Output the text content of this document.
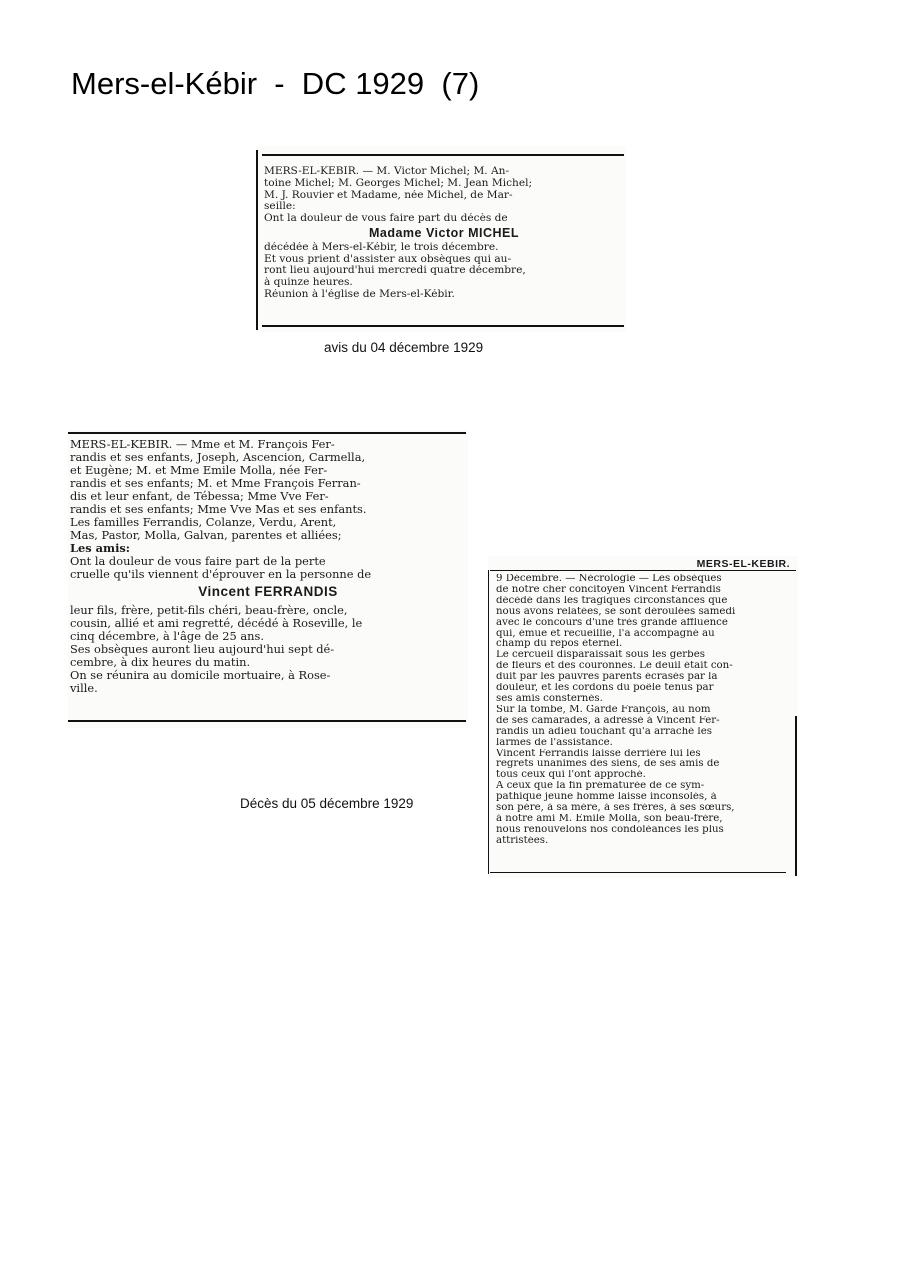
Mers-el-Kébir  -  DC 1929  (7)
MERS-EL-KEBIR. — M. Victor Michel; M. An-
toine Michel; M. Georges Michel; M. Jean Michel;
M. J. Rouvier et Madame, née Michel, de Mar-
seille:
Ont la douleur de vous faire part du décès de
Madame Victor MICHEL
décédée à Mers-el-Kébir, le trois décembre.
Et vous prient d'assister aux obsèques qui au-
ront lieu aujourd'hui mercredi quatre décembre,
à quinze heures.
Réunion à l'église de Mers-el-Kébir.
avis du 04 décembre 1929
MERS-EL-KEBIR. — Mme et M. François Fer-
randis et ses enfants, Joseph, Ascencion, Carmella,
et Eugène; M. et Mme Emile Molla, née Fer-
randis et ses enfants; M. et Mme François Ferran-
dis et leur enfant, de Tébessa; Mme Vve Fer-
randis et ses enfants; Mme Vve Mas et ses enfants.
Les familles Ferrandis, Colanze, Verdu, Arent,
Mas, Pastor, Molla, Galvan, parentes et alliées;
Les amis:
Ont la douleur de vous faire part de la perte
cruelle qu'ils viennent d'éprouver en la personne de
Vincent FERRANDIS
leur fils, frère, petit-fils chéri, beau-frère, oncle,
cousin, allié et ami regretté, décédé à Roseville, le
cinq décembre, à l'âge de 25 ans.
Ses obsèques auront lieu aujourd'hui sept dé-
cembre, à dix heures du matin.
On se réunira au domicile mortuaire, à Rose-
ville.
Décès du 05 décembre 1929
MERS-EL-KEBIR.
9 Décembre. — Nécrologie — Les obsèques
de notre cher concitoyen Vincent Ferrandis
décédé dans les tragiques circonstances que
nous avons relatées, se sont déroulées samedi
avec le concours d'une très grande affluence
qui, émue et recueillie, l'a accompagné au
champ du repos éternel.
Le cercueil disparaissait sous les gerbes
de fleurs et des couronnes. Le deuil était con-
duit par les pauvres parents écrasés par la
douleur, et les cordons du poêle tenus par
ses amis consternés.
Sur la tombe, M. Garde François, au nom
de ses camarades, a adressé à Vincent Fer-
randis un adieu touchant qu'a arraché les
larmes de l'assistance.
Vincent Ferrandis laisse derrière lui les
regrets unanimes des siens, de ses amis de
tous ceux qui l'ont approché.
A ceux que la fin prématurée de ce sym-
pathique jeune homme laisse inconsolés, à
son père, à sa mère, à ses frères, à ses sœurs,
à notre ami M. Emile Molla, son beau-frère,
nous renouvelons nos condoléances les plus
attristées.
